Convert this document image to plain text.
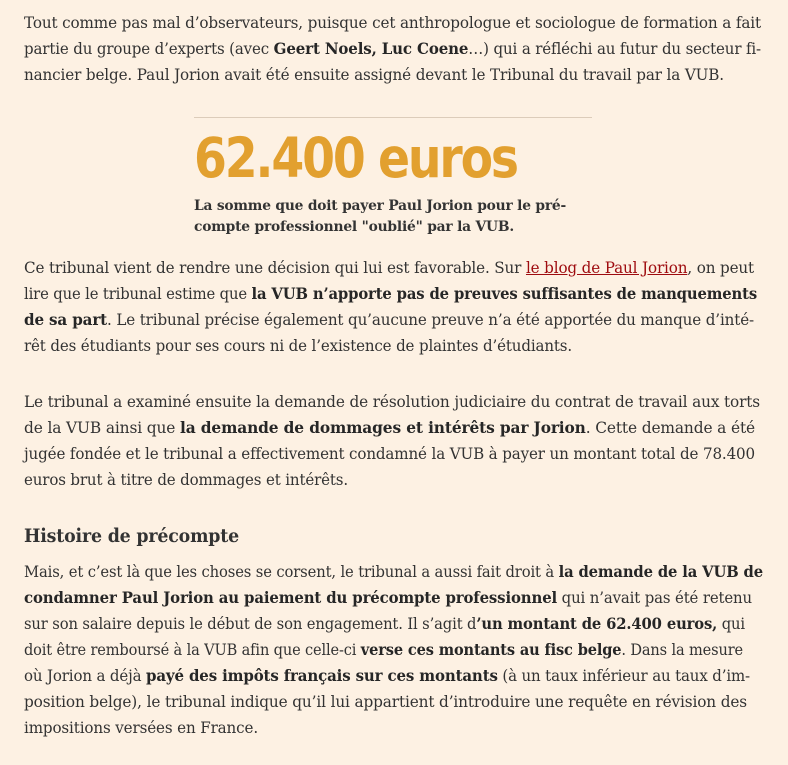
Tout comme pas mal d’observateurs, puisque cet anthropologue et sociologue de formation a fait partie du groupe d’experts (avec Geert Noels, Luc Coene…) qui a réfléchi au futur du secteur fi- nancier belge. Paul Jorion avait été ensuite assigné devant le Tribunal du travail par la VUB.

62.400 euros

La somme que doit payer Paul Jorion pour le pré- compte professionnel "oublié" par la VUB.

Ce tribunal vient de rendre une décision qui lui est favorable. Sur le blog de Paul Jorion, on peut lire que le tribunal estime que la VUB n’apporte pas de preuves suffisantes de manquements de sa part. Le tribunal précise également qu’aucune preuve n’a été apportée du manque d’inté- rêt des étudiants pour ses cours ni de l’existence de plaintes d’étudiants.

Le tribunal a examiné ensuite la demande de résolution judiciaire du contrat de travail aux torts de la VUB ainsi que la demande de dommages et intérêts par Jorion. Cette demande a été jugée fondée et le tribunal a effectivement condamné la VUB à payer un montant total de 78.400 euros brut à titre de dommages et intérêts.

Histoire de précompte

Mais, et c’est là que les choses se corsent, le tribunal a aussi fait droit à la demande de la VUB de condamner Paul Jorion au paiement du précompte professionnel qui n’avait pas été retenu sur son salaire depuis le début de son engagement. Il s’agit d’un montant de 62.400 euros, qui doit être remboursé à la VUB afin que celle-ci verse ces montants au fisc belge. Dans la mesure où Jorion a déjà payé des impôts français sur ces montants (à un taux inférieur au taux d’im- position belge), le tribunal indique qu’il lui appartient d’introduire une requête en révision des impositions versées en France.
